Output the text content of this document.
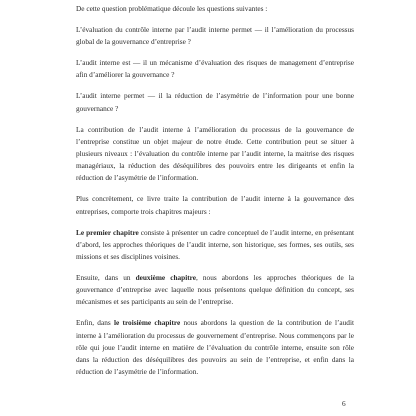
De cette question problématique découle les questions suivantes :

L’évaluation du contrôle interne par l’audit interne permet — il l’amélioration du processus global de la gouvernance d’entreprise ?

L’audit interne est — il un mécanisme d’évaluation des risques de management d’entreprise afin d’améliorer la gouvernance ?

L’audit interne permet — il la réduction de l’asymétrie de l’information pour une bonne gouvernance ?

La contribution de l’audit interne à l’amélioration du processus de la gouvernance de l’entreprise constitue un objet majeur de notre étude. Cette contribution peut se situer à plusieurs niveaux : l’évaluation du contrôle interne par l’audit interne, la maitrise des risques managériaux, la réduction des déséquilibres des pouvoirs entre les dirigeants et enfin la réduction de l’asymétrie de l’information.

Plus concrètement, ce livre traite la contribution de l’audit interne à la gouvernance des entreprises, comporte trois chapitres majeurs :

Le premier chapitre consiste à présenter un cadre conceptuel de l’audit interne, en présentant d’abord, les approches théoriques de l’audit interne, son historique, ses formes, ses outils, ses missions et ses disciplines voisines.

Ensuite, dans un deuxième chapitre, nous abordons les approches théoriques de la gouvernance d’entreprise avec laquelle nous présentons quelque définition du concept, ses mécanismes et ses participants au sein de l’entreprise.

Enfin, dans le troisième chapitre nous abordons la question de la contribution de l’audit interne à l’amélioration du processus de gouvernement d’entreprise. Nous commençons par le rôle qui joue l’audit interne en matière de l’évaluation du contrôle interne, ensuite son rôle dans la réduction des déséquilibres des pouvoirs au sein de l’entreprise, et enfin dans la réduction de l’asymétrie de l’information.

6
